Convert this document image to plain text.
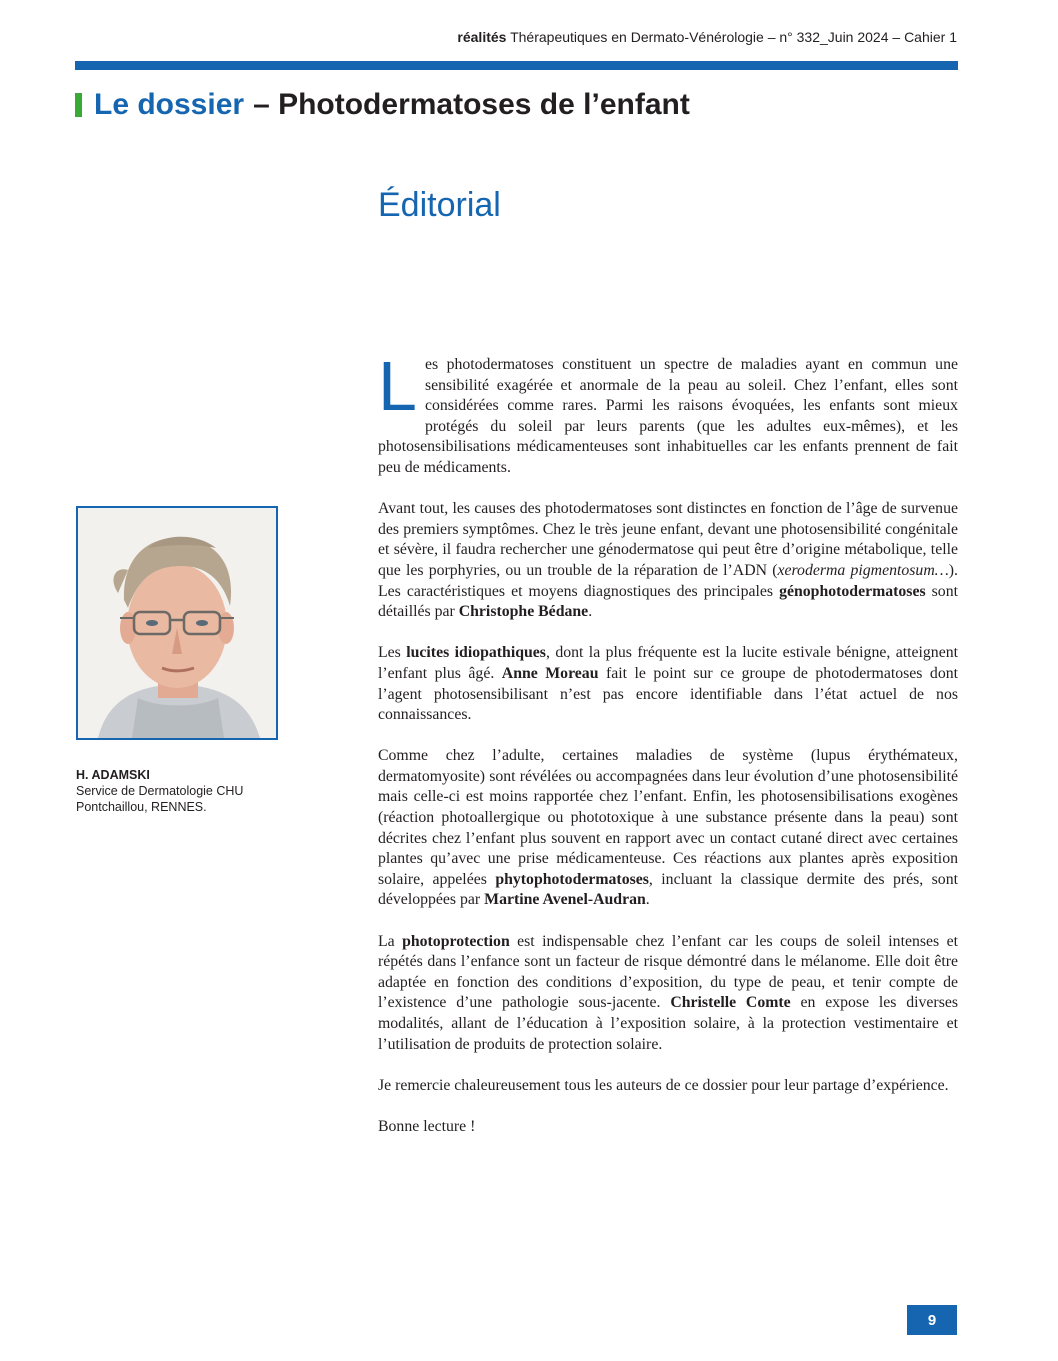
réalités Thérapeutiques en Dermato-Vénérologie – n° 332_Juin 2024 – Cahier 1
Le dossier – Photodermatoses de l’enfant
Éditorial
H. ADAMSKI
Service de Dermatologie CHU Pontchaillou, RENNES.

Les photodermatoses constituent un spectre de maladies ayant en commun une sensibilité exagérée et anormale de la peau au soleil. Chez l’enfant, elles sont considérées comme rares. Parmi les raisons évoquées, les enfants sont mieux protégés du soleil par leurs parents (que les adultes eux-mêmes), et les photosensibilisations médicamenteuses sont inhabituelles car les enfants prennent de fait peu de médicaments.

Avant tout, les causes des photodermatoses sont distinctes en fonction de l’âge de survenue des premiers symptômes. Chez le très jeune enfant, devant une photosensibilité congénitale et sévère, il faudra rechercher une génodermatose qui peut être d’origine métabolique, telle que les porphyries, ou un trouble de la réparation de l’ADN (xeroderma pigmentosum…). Les caractéristiques et moyens diagnostiques des principales génophotodermatoses sont détaillés par Christophe Bédane.

Les lucites idiopathiques, dont la plus fréquente est la lucite estivale bénigne, atteignent l’enfant plus âgé. Anne Moreau fait le point sur ce groupe de photodermatoses dont l’agent photosensibilisant n’est pas encore identifiable dans l’état actuel de nos connaissances.

Comme chez l’adulte, certaines maladies de système (lupus érythémateux, dermatomyosite) sont révélées ou accompagnées dans leur évolution d’une photosensibilité mais celle-ci est moins rapportée chez l’enfant. Enfin, les photosensibilisations exogènes (réaction photoallergique ou phototoxique à une substance présente dans la peau) sont décrites chez l’enfant plus souvent en rapport avec un contact cutané direct avec certaines plantes qu’avec une prise médicamenteuse. Ces réactions aux plantes après exposition solaire, appelées phytophotodermatoses, incluant la classique dermite des prés, sont développées par Martine Avenel-Audran.

La photoprotection est indispensable chez l’enfant car les coups de soleil intenses et répétés dans l’enfance sont un facteur de risque démontré dans le mélanome. Elle doit être adaptée en fonction des conditions d’exposition, du type de peau, et tenir compte de l’existence d’une pathologie sous-jacente. Christelle Comte en expose les diverses modalités, allant de l’éducation à l’exposition solaire, à la protection vestimentaire et l’utilisation de produits de protection solaire.

Je remercie chaleureusement tous les auteurs de ce dossier pour leur partage d’expérience.

Bonne lecture !

9
